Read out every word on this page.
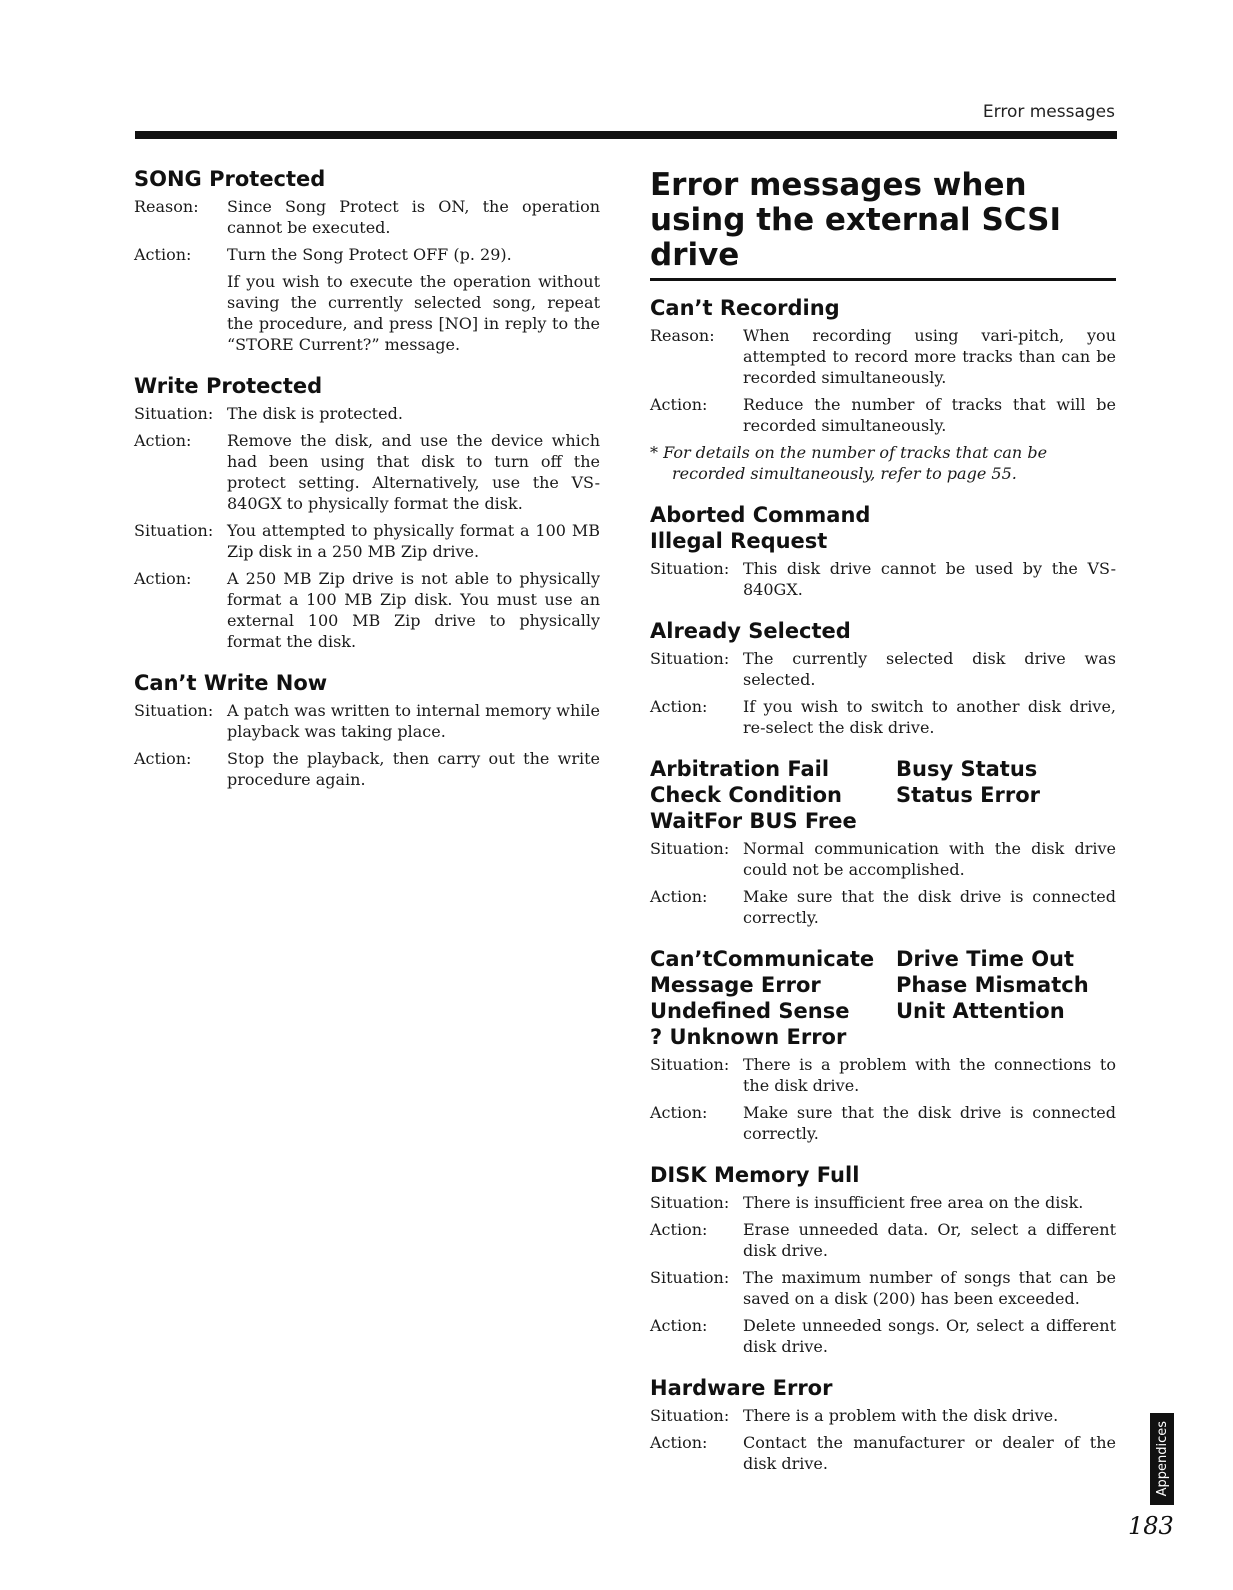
Error messages
SONG Protected
Reason:	Since Song Protect is ON, the operation cannot be executed.
Action:	Turn the Song Protect OFF (p. 29).
If you wish to execute the operation without saving the currently selected song, repeat the procedure, and press [NO] in reply to the “STORE Current?” message.
Write Protected
Situation: The disk is protected.
Action:	Remove the disk, and use the device which had been using that disk to turn off the protect setting. Alternatively, use the VS-840GX to physically format the disk.
Situation: You attempted to physically format a 100 MB Zip disk in a 250 MB Zip drive.
Action:	A 250 MB Zip drive is not able to physically format a 100 MB Zip disk. You must use an external 100 MB Zip drive to physically format the disk.
Can’t Write Now
Situation: A patch was written to internal memory while playback was taking place.
Action:	Stop the playback, then carry out the write procedure again.
Error messages when using the external SCSI drive
Can’t Recording
Reason:	When recording using vari-pitch, you attempted to record more tracks than can be recorded simultaneously.
Action:	Reduce the number of tracks that will be recorded simultaneously.

* For details on the number of tracks that can be recorded simultaneously, refer to page 55.

Aborted Command
Illegal Request
Situation: This disk drive cannot be used by the VS-840GX.
Already Selected
Situation: The currently selected disk drive was selected.
Action:	If you wish to switch to another disk drive, re-select the disk drive.
Arbitration Fail	Busy Status
Check Condition	Status Error
WaitFor BUS Free
Situation: Normal communication with the disk drive could not be accomplished.
Action:	Make sure that the disk drive is connected correctly.
Can’tCommunicate	Drive Time Out
Message Error	Phase Mismatch
Undefined Sense	Unit Attention
? Unknown Error
Situation: There is a problem with the connections to the disk drive.
Action:	Make sure that the disk drive is connected correctly.
DISK Memory Full
Situation: There is insufficient free area on the disk.
Action:	Erase unneeded data. Or, select a different disk drive.
Situation: The maximum number of songs that can be saved on a disk (200) has been exceeded.
Action:	Delete unneeded songs. Or, select a different disk drive.
Hardware Error
Situation: There is a problem with the disk drive.
Action:	Contact the manufacturer or dealer of the disk drive.	Appendices
183
